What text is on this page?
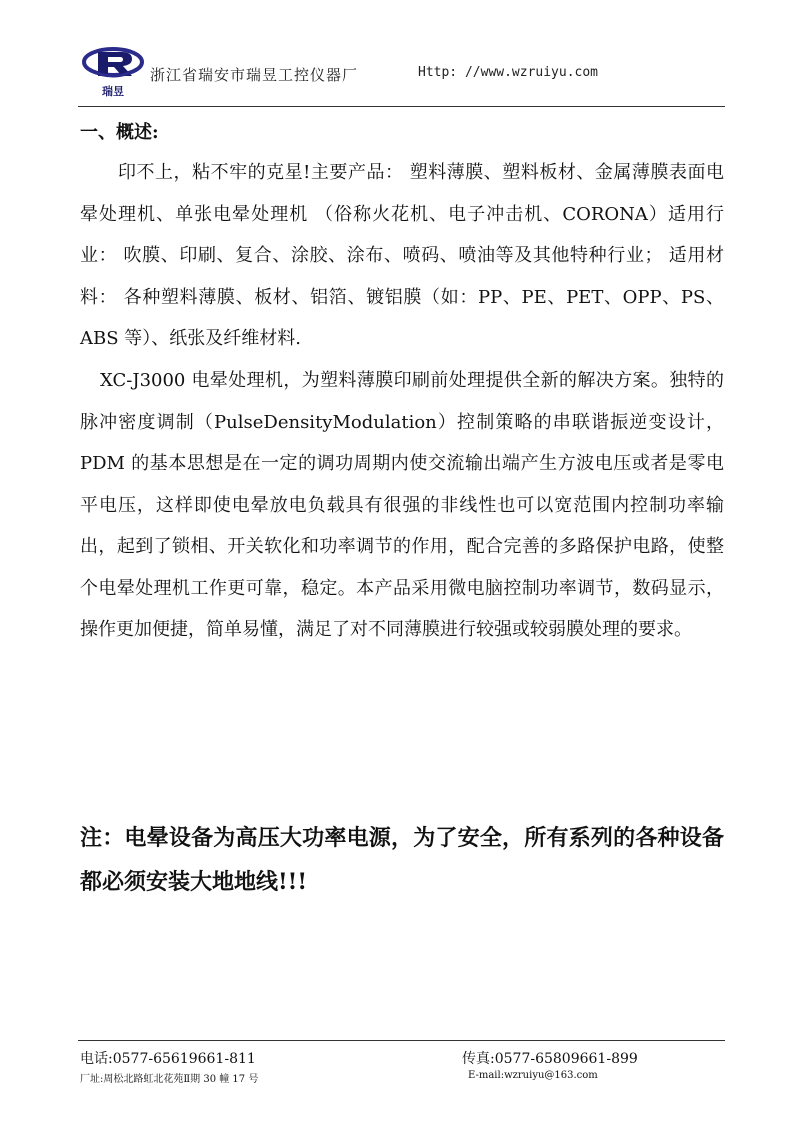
瑞昱
浙江省瑞安市瑞昱工控仪器厂	Http: //www.wzruiyu.com
一、概述:

印不上，粘不牢的克星!主要产品： 塑料薄膜、塑料板材、金属薄膜表面电晕处理机、单张电晕处理机 （俗称火花机、电子冲击机、CORONA）适用行业： 吹膜、印刷、复合、涂胶、涂布、喷码、喷油等及其他特种行业； 适用材料： 各种塑料薄膜、板材、铝箔、镀铝膜（如：PP、PE、PET、OPP、PS、ABS 等）、纸张及纤维材料.

XC-J3000 电晕处理机，为塑料薄膜印刷前处理提供全新的解决方案。独特的脉冲密度调制（PulseDensityModulation）控制策略的串联谐振逆变设计，PDM 的基本思想是在一定的调功周期内使交流输出端产生方波电压或者是零电平电压，这样即使电晕放电负载具有很强的非线性也可以宽范围内控制功率输出，起到了锁相、开关软化和功率调节的作用，配合完善的多路保护电路，使整个电晕处理机工作更可靠，稳定。本产品采用微电脑控制功率调节，数码显示，操作更加便捷，简单易懂，满足了对不同薄膜进行较强或较弱膜处理的要求。

注：电晕设备为高压大功率电源，为了安全，所有系列的各种设备都必须安装大地地线!!!

电话:0577-65619661-811	传真:0577-65809661-899
厂址:周松北路虹北花苑Ⅱ期 30 幢 17 号	E-mail:wzruiyu@163.com
